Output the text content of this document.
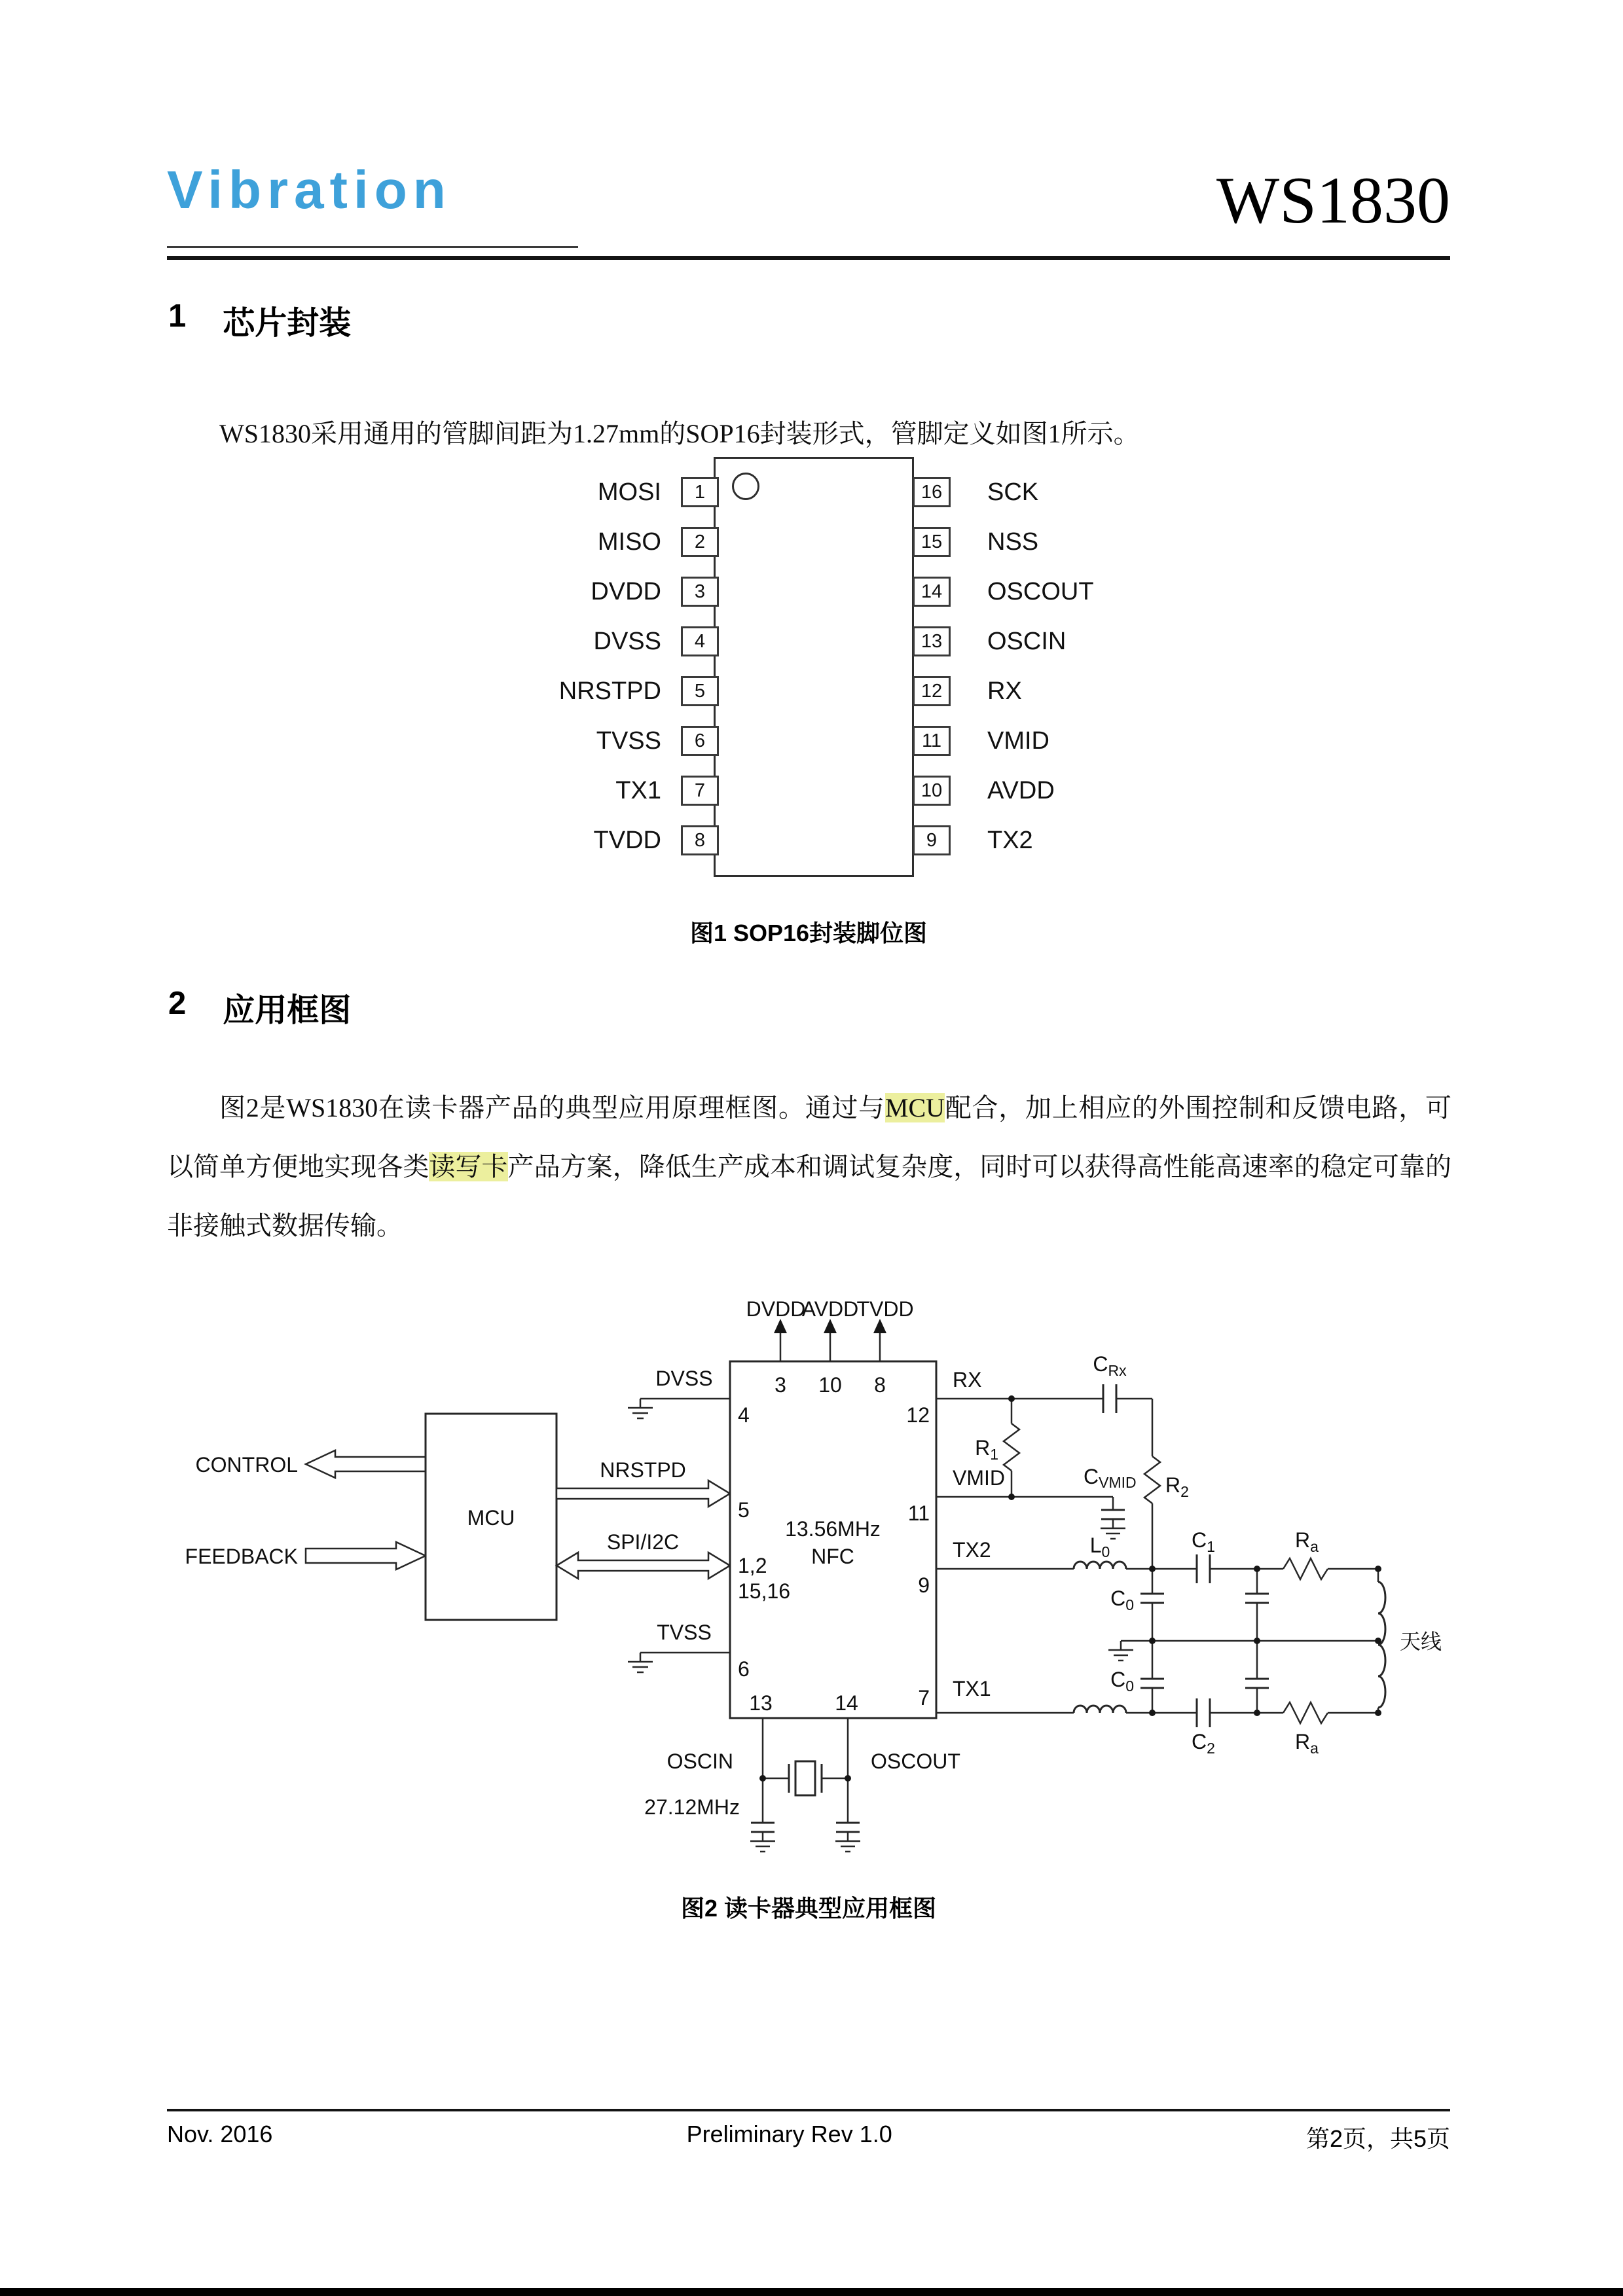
Vibration	WS1830
1 芯片封装

WS1830采用通用的管脚间距为1.27mm的SOP16封装形式，管脚定义如图1所示。

MOSI	1	16	SCK
MISO	2	15	NSS
DVDD	3	14	OSCOUT
DVSS	4	13	OSCIN
NRSTPD	5	12	RX
TVSS	6	11	VMID
TX1	7	10	AVDD
TVDD	8	9	TX2
图1 SOP16封装脚位图
2 应用框图

图2是WS1830在读卡器产品的典型应用原理框图。通过与MCU配合，加上相应的外围控制和反馈电路，可以简单方便地实现各类读写卡产品方案，降低生产成本和调试复杂度，同时可以获得高性能高速率的稳定可靠的非接触式数据传输。

MCU
CONTROL
FEEDBACK
NRSTPD
SPI/I2C
13.56MHz
NFC
4
5
1,2
15,16
6
13	14
12
11
9
7
DVDD
AVDD
TVDD
3 10 8
DVSS
TVSS
RX
$C_{Rx}$
$R_1$
$R_2$
VMID	CVMID
TX2	$L_0$	$C_1$	$R_a$
TX1
$C_2$	$R_a$
$C_0$
$C_0$
天线
OSCIN	OSCOUT
27.12MHz
图2 读卡器典型应用框图
Nov. 2016	Preliminary Rev 1.0	第2页，共5页
